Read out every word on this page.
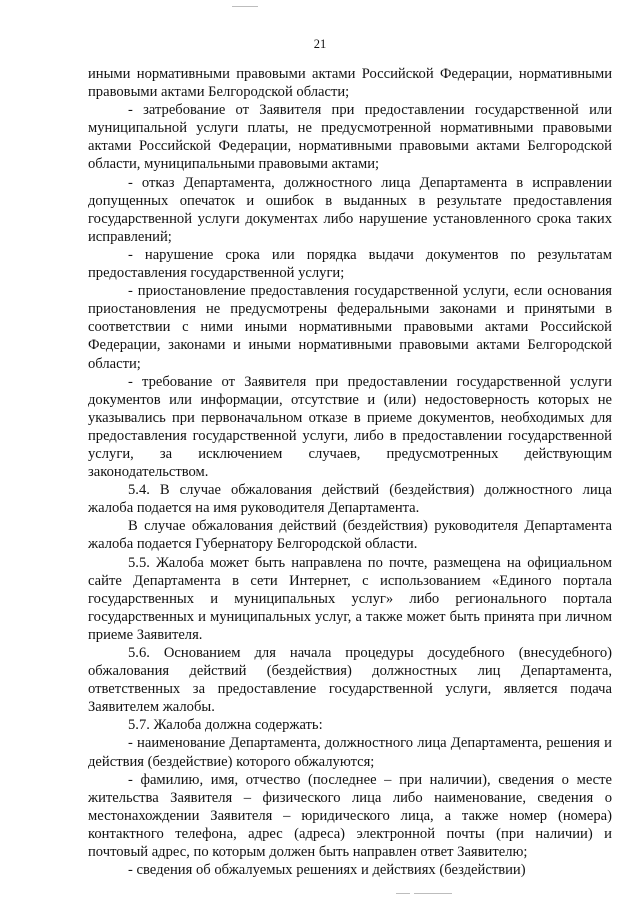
21

иными нормативными правовыми актами Российской Федерации, нормативными правовыми актами Белгородской области;

- затребование от Заявителя при предоставлении государственной или муниципальной услуги платы, не предусмотренной нормативными правовыми актами Российской Федерации, нормативными правовыми актами Белгородской области, муниципальными правовыми актами;

- отказ Департамента, должностного лица Департамента в исправлении допущенных опечаток и ошибок в выданных в результате предоставления государственной услуги документах либо нарушение установленного срока таких исправлений;

- нарушение срока или порядка выдачи документов по результатам предоставления государственной услуги;

- приостановление предоставления государственной услуги, если основания приостановления не предусмотрены федеральными законами и принятыми в соответствии с ними иными нормативными правовыми актами Российской Федерации, законами и иными нормативными правовыми актами Белгородской области;

- требование от Заявителя при предоставлении государственной услуги документов или информации, отсутствие и (или) недостоверность которых не указывались при первоначальном отказе в приеме документов, необходимых для предоставления государственной услуги, либо в предоставлении государственной услуги, за исключением случаев, предусмотренных действующим законодательством.

5.4. В случае обжалования действий (бездействия) должностного лица жалоба подается на имя руководителя Департамента.

В случае обжалования действий (бездействия) руководителя Департамента жалоба подается Губернатору Белгородской области.

5.5. Жалоба может быть направлена по почте, размещена на официальном сайте Департамента в сети Интернет, с использованием «Единого портала государственных и муниципальных услуг» либо регионального портала государственных и муниципальных услуг, а также может быть принята при личном приеме Заявителя.

5.6. Основанием для начала процедуры досудебного (внесудебного) обжалования действий (бездействия) должностных лиц Департамента, ответственных за предоставление государственной услуги, является подача Заявителем жалобы.

5.7. Жалоба должна содержать:

- наименование Департамента, должностного лица Департамента, решения и действия (бездействие) которого обжалуются;

- фамилию, имя, отчество (последнее – при наличии), сведения о месте жительства Заявителя – физического лица либо наименование, сведения о местонахождении Заявителя – юридического лица, а также номер (номера) контактного телефона, адрес (адреса) электронной почты (при наличии) и почтовый адрес, по которым должен быть направлен ответ Заявителю;

- сведения об обжалуемых решениях и действиях (бездействии)
